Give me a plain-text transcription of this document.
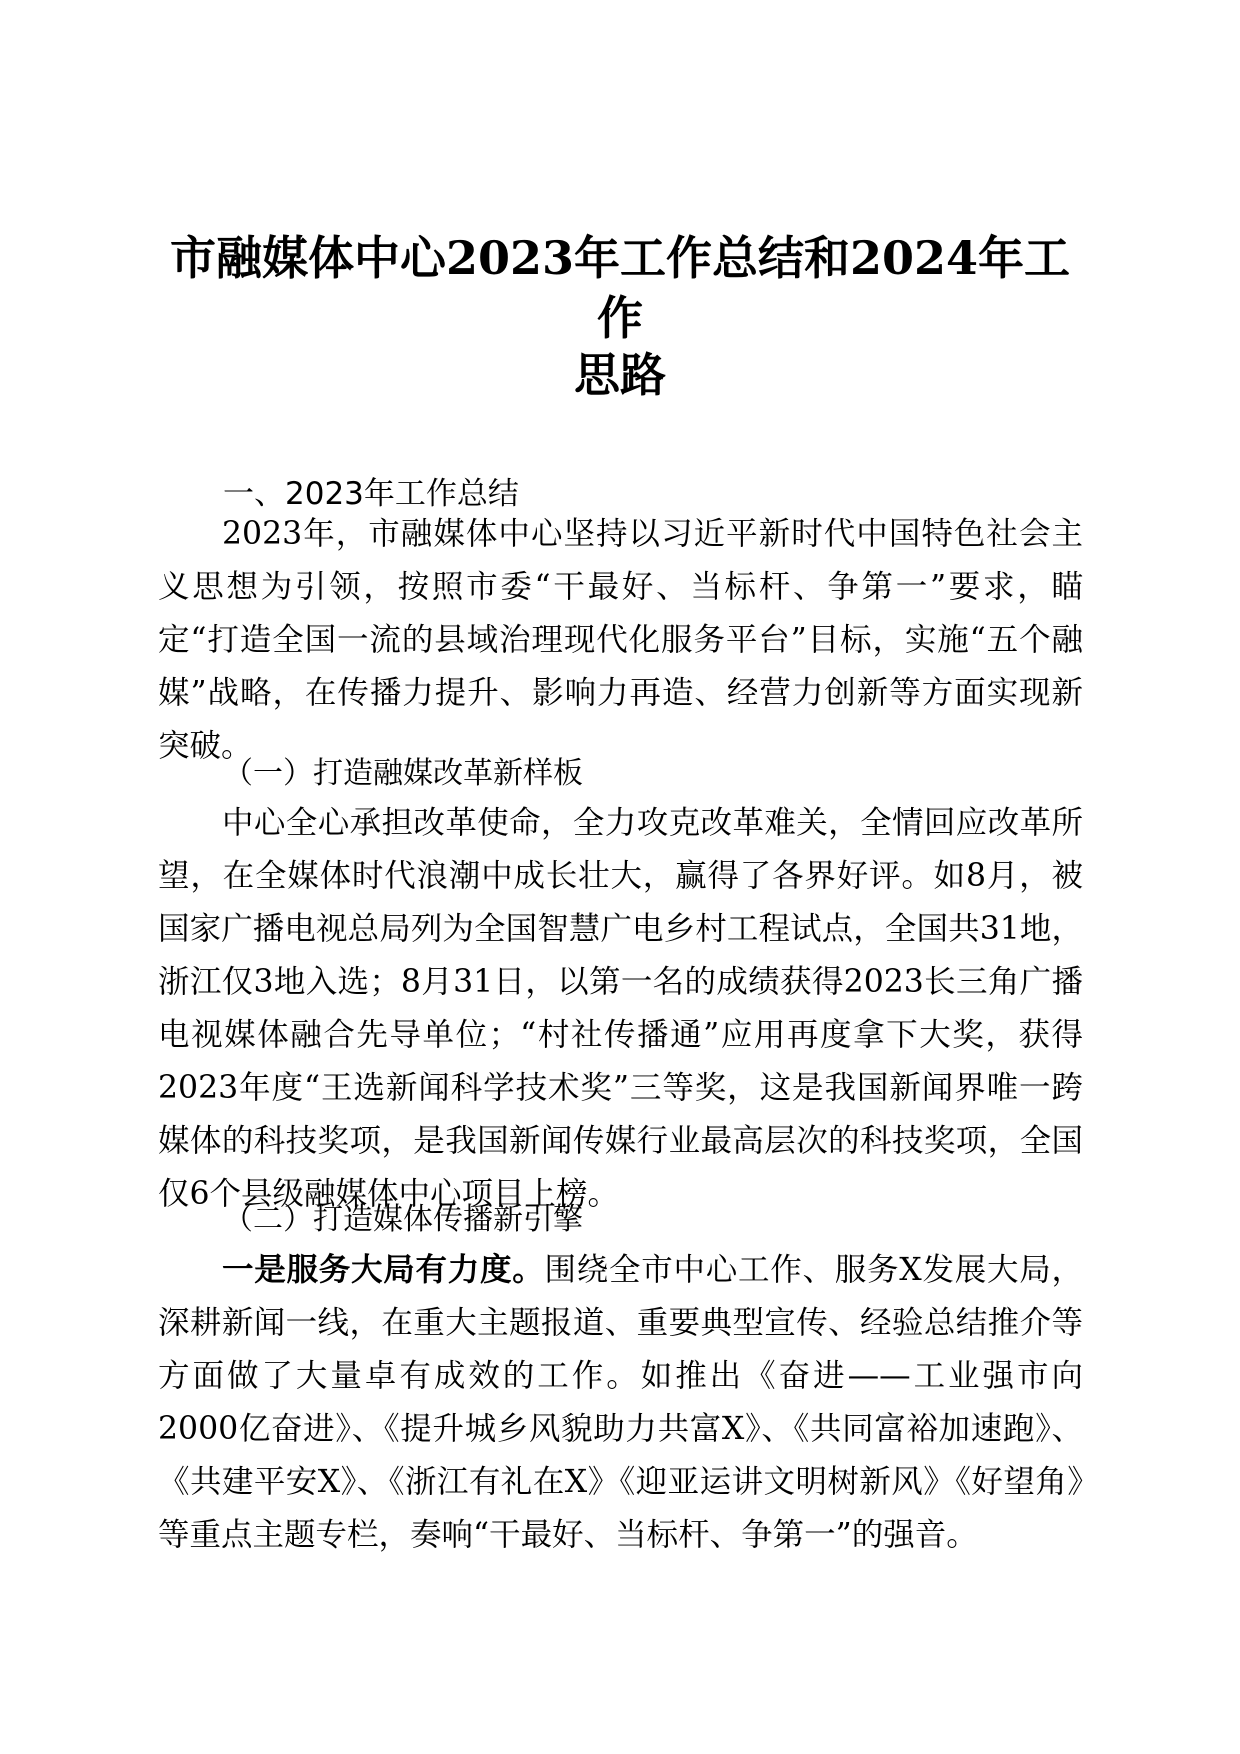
市融媒体中心2023年工作总结和2024年工作
思路
一、2023年工作总结

2023年，市融媒体中心坚持以习近平新时代中国特色社会主义思想为引领，按照市委“干最好、当标杆、争第一”要求，瞄定“打造全国一流的县域治理现代化服务平台”目标，实施“五个融媒”战略，在传播力提升、影响力再造、经营力创新等方面实现新突破。

（一）打造融媒改革新样板

中心全心承担改革使命，全力攻克改革难关，全情回应改革所望，在全媒体时代浪潮中成长壮大，赢得了各界好评。如8月，被国家广播电视总局列为全国智慧广电乡村工程试点，全国共31地，浙江仅3地入选；8月31日，以第一名的成绩获得2023长三角广播电视媒体融合先导单位；“村社传播通”应用再度拿下大奖，获得2023年度“王选新闻科学技术奖”三等奖，这是我国新闻界唯一跨媒体的科技奖项，是我国新闻传媒行业最高层次的科技奖项，全国仅6个县级融媒体中心项目上榜。

（二）打造媒体传播新引擎

一是服务大局有力度。围绕全市中心工作、服务X发展大局，深耕新闻一线，在重大主题报道、重要典型宣传、经验总结推介等方面做了大量卓有成效的工作。如推出《奋进——工业强市向2000亿奋进》、《提升城乡风貌助力共富X》、《共同富裕加速跑》、《共建平安X》、《浙江有礼在X》《迎亚运讲文明树新风》《好望角》等重点主题专栏，奏响“干最好、当标杆、争第一”的强音。
